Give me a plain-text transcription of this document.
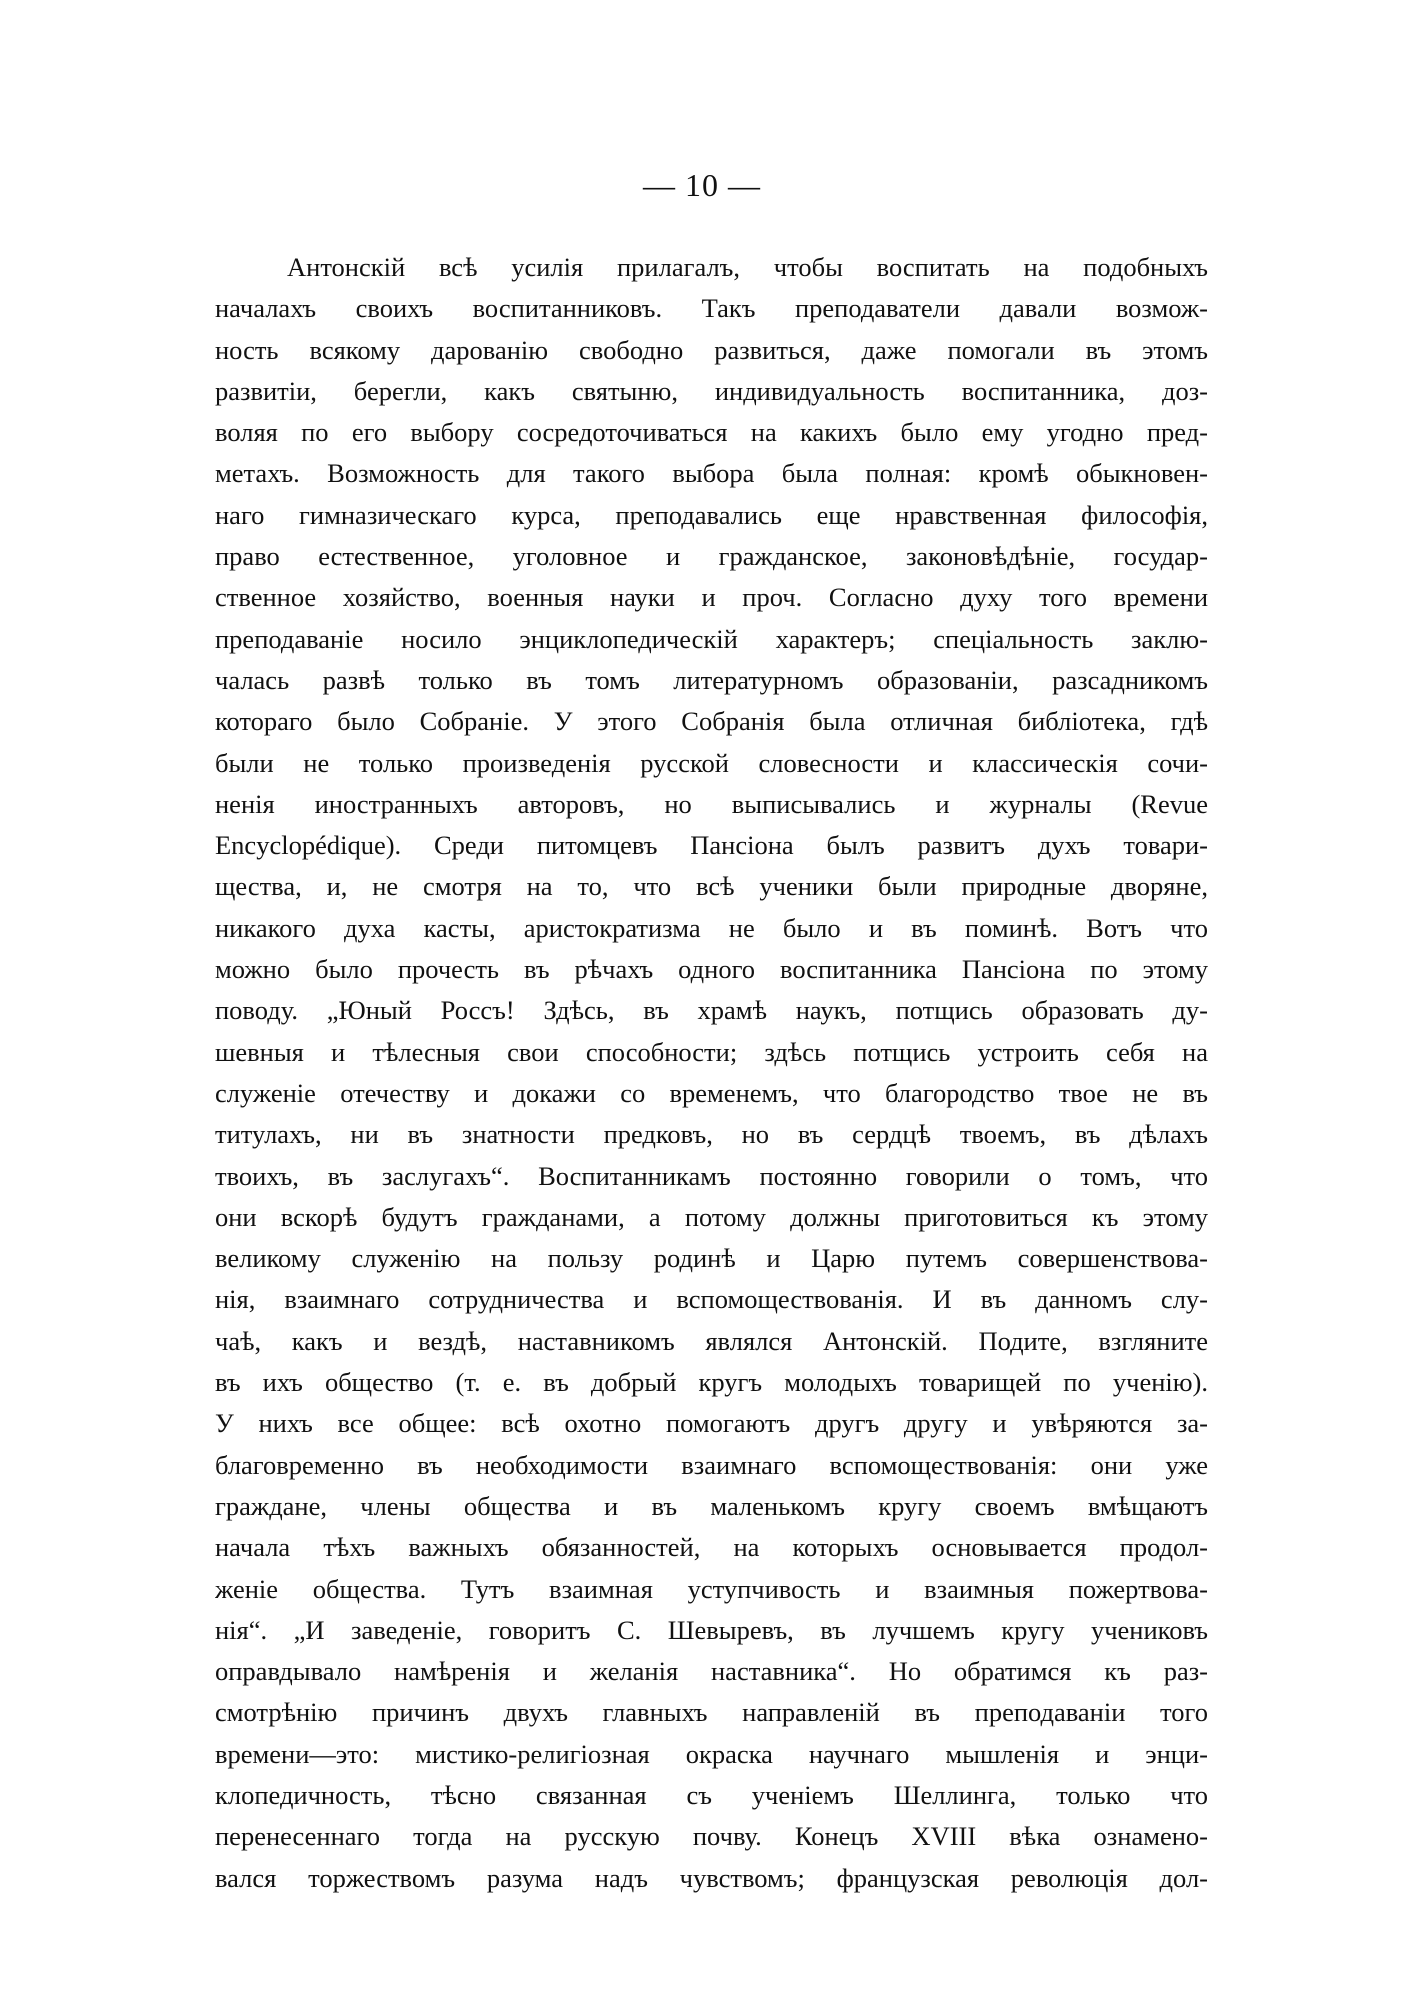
— 10 —
Антонскій всѣ усилія прилагалъ, чтобы воспитать на подобныхъ
началахъ своихъ воспитанниковъ. Такъ преподаватели давали возмож-
ность всякому дарованію свободно развиться, даже помогали въ этомъ
развитіи, берегли, какъ святыню, индивидуальность воспитанника, доз-
воляя по его выбору сосредоточиваться на какихъ было ему угодно пред-
метахъ. Возможность для такого выбора была полная: кромѣ обыкновен-
наго гимназическаго курса, преподавались еще нравственная философія,
право естественное, уголовное и гражданское, законовѣдѣніе, государ-
ственное хозяйство, военныя науки и проч. Согласно духу того времени
преподаваніе носило энциклопедическій характеръ; спеціальность заклю-
чалась развѣ только въ томъ литературномъ образованіи, разсадникомъ
котораго было Собраніе. У этого Собранія была отличная библіотека, гдѣ
были не только произведенія русской словесности и классическія сочи-
ненія иностранныхъ авторовъ, но выписывались и журналы (Revue
Encyclopédique). Среди питомцевъ Пансіона былъ развитъ духъ товари-
щества, и, не смотря на то, что всѣ ученики были природные дворяне,
никакого духа касты, аристократизма не было и въ поминѣ. Вотъ что
можно было прочесть въ рѣчахъ одного воспитанника Пансіона по этому
поводу. „Юный Россъ! Здѣсь, въ храмѣ наукъ, потщись образовать ду-
шевныя и тѣлесныя свои способности; здѣсь потщись устроить себя на
служеніе отечеству и докажи со временемъ, что благородство твое не въ
титулахъ, ни въ знатности предковъ, но въ сердцѣ твоемъ, въ дѣлахъ
твоихъ, въ заслугахъ“. Воспитанникамъ постоянно говорили о томъ, что
они вскорѣ будутъ гражданами, а потому должны приготовиться къ этому
великому служенію на пользу родинѣ и Царю путемъ совершенствова-
нія, взаимнаго сотрудничества и вспомоществованія. И въ данномъ слу-
чаѣ, какъ и вездѣ, наставникомъ являлся Антонскій. Подите, взгляните
въ ихъ общество (т. е. въ добрый кругъ молодыхъ товарищей по ученію).
У нихъ все общее: всѣ охотно помогаютъ другъ другу и увѣряются за-
благовременно въ необходимости взаимнаго вспомоществованія: они уже
граждане, члены общества и въ маленькомъ кругу своемъ вмѣщаютъ
начала тѣхъ важныхъ обязанностей, на которыхъ основывается продол-
женіе общества. Тутъ взаимная уступчивость и взаимныя пожертвова-
нія“. „И заведеніе, говоритъ С. Шевыревъ, въ лучшемъ кругу учениковъ
оправдывало намѣренія и желанія наставника“. Но обратимся къ раз-
смотрѣнію причинъ двухъ главныхъ направленій въ преподаваніи того
времени—это: мистико-религіозная окраска научнаго мышленія и энци-
клопедичность, тѣсно связанная съ ученіемъ Шеллинга, только что
перенесеннаго тогда на русскую почву. Конецъ XVIII вѣка ознамено-
вался торжествомъ разума надъ чувствомъ; французская революція дол-
